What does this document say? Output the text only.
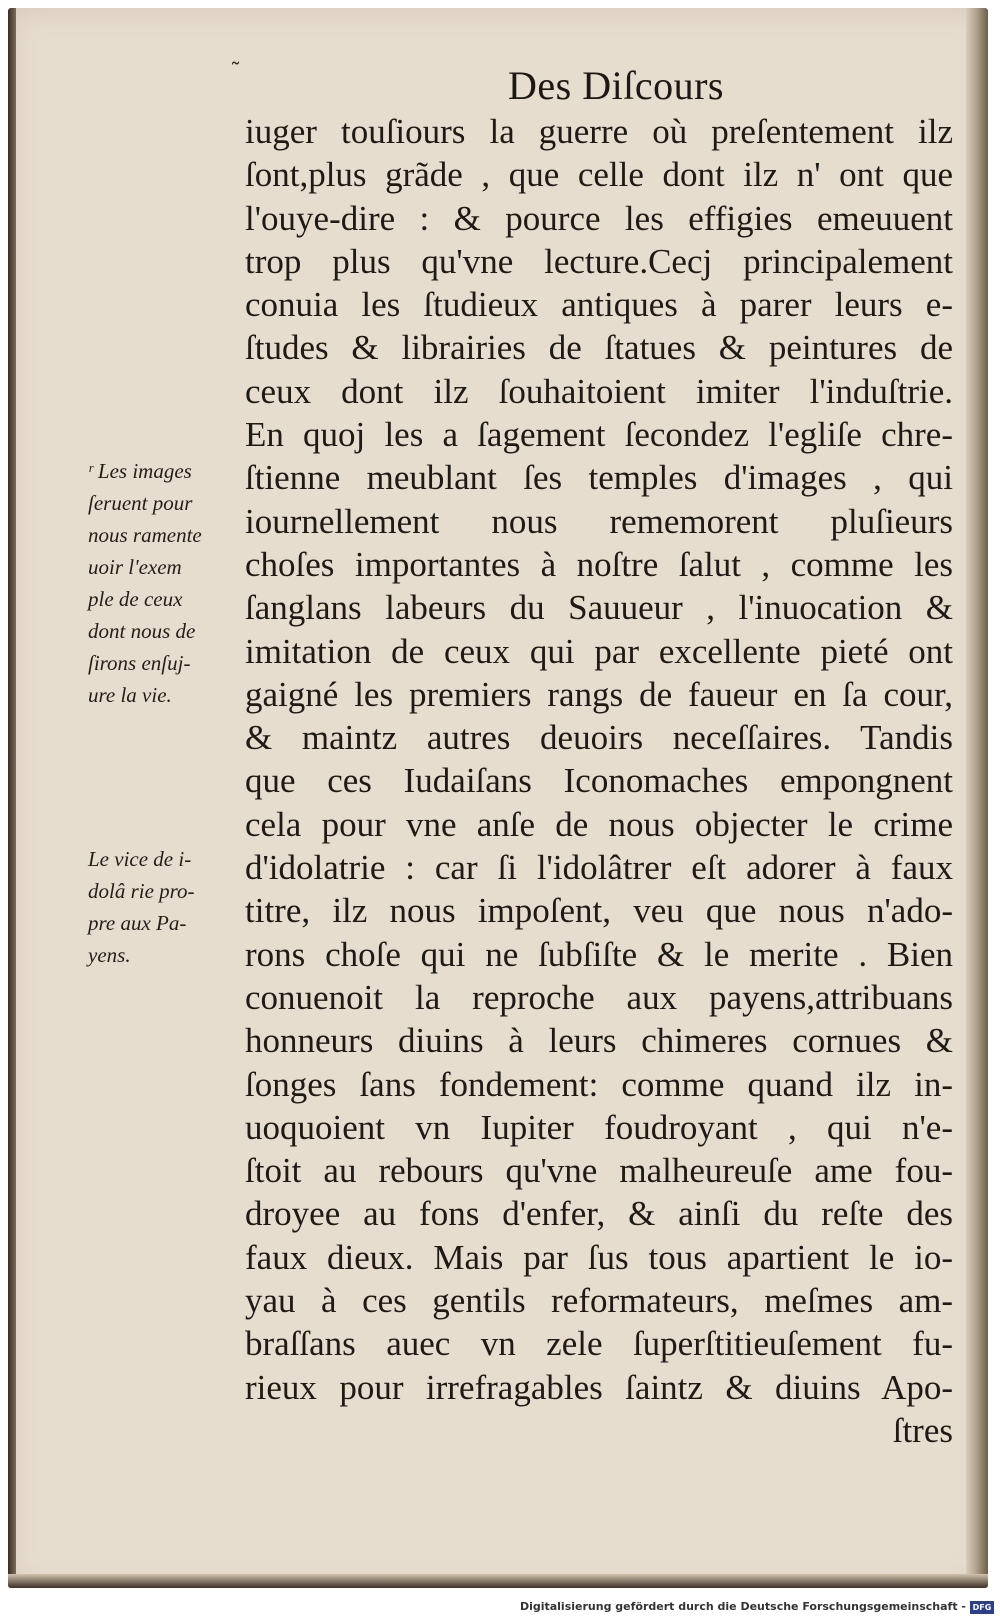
˜	Des Diſcours
iuger touſiours la guerre où preſentement ilz
ſont,plus grãde , que celle dont ilz n' ont que
l'ouye-dire : & pource les effigies emeuuent
trop plus qu'vne lecture.Cecj principalement
conuia les ſtudieux antiques à parer leurs e-
ſtudes & librairies de ſtatues & peintures de
ceux dont ilz ſouhaitoient imiter l'induſtrie.
En quoj les a ſagement ſecondez l'egliſe chre-
ſtienne meublant ſes temples d'images , qui
iournellement nous rememorent pluſieurs
choſes importantes à noſtre ſalut , comme les
ſanglans labeurs du Sauueur , l'inuocation &
imitation de ceux qui par excellente pieté ont
gaigné les premiers rangs de faueur en ſa cour,
& maintz autres deuoirs neceſſaires. Tandis
que ces Iudaiſans Iconomaches empongnent
cela pour vne anſe de nous objecter le crime
d'idolatrie : car ſi l'idolâtrer eſt adorer à faux
titre, ilz nous impoſent, veu que nous n'ado-
rons choſe qui ne ſubſiſte & le merite . Bien
conuenoit la reproche aux payens,attribuans
honneurs diuins à leurs chimeres cornues &
ſonges ſans fondement: comme quand ilz in-
uoquoient vn Iupiter foudroyant , qui n'e-
ſtoit au rebours qu'vne malheureuſe ame fou-
droyee au fons d'enfer, & ainſi du reſte des
faux dieux. Mais par ſus tous apartient le io-
yau à ces gentils reformateurs, meſmes am-
braſſans auec vn zele ſuperſtitieuſement fu-
rieux pour irrefragables ſaintz & diuins Apo-
ſtres
ʳ Les images
ſeruent pour
nous ramente
uoir l'exem
ple de ceux
dont nous de
ſirons enſuj-
ure la vie.
Le vice de i-
dolâ rie pro-
pre aux Pa-
yens.
Digitalisierung gefördert durch die Deutsche Forschungsgemeinschaft - DFG
